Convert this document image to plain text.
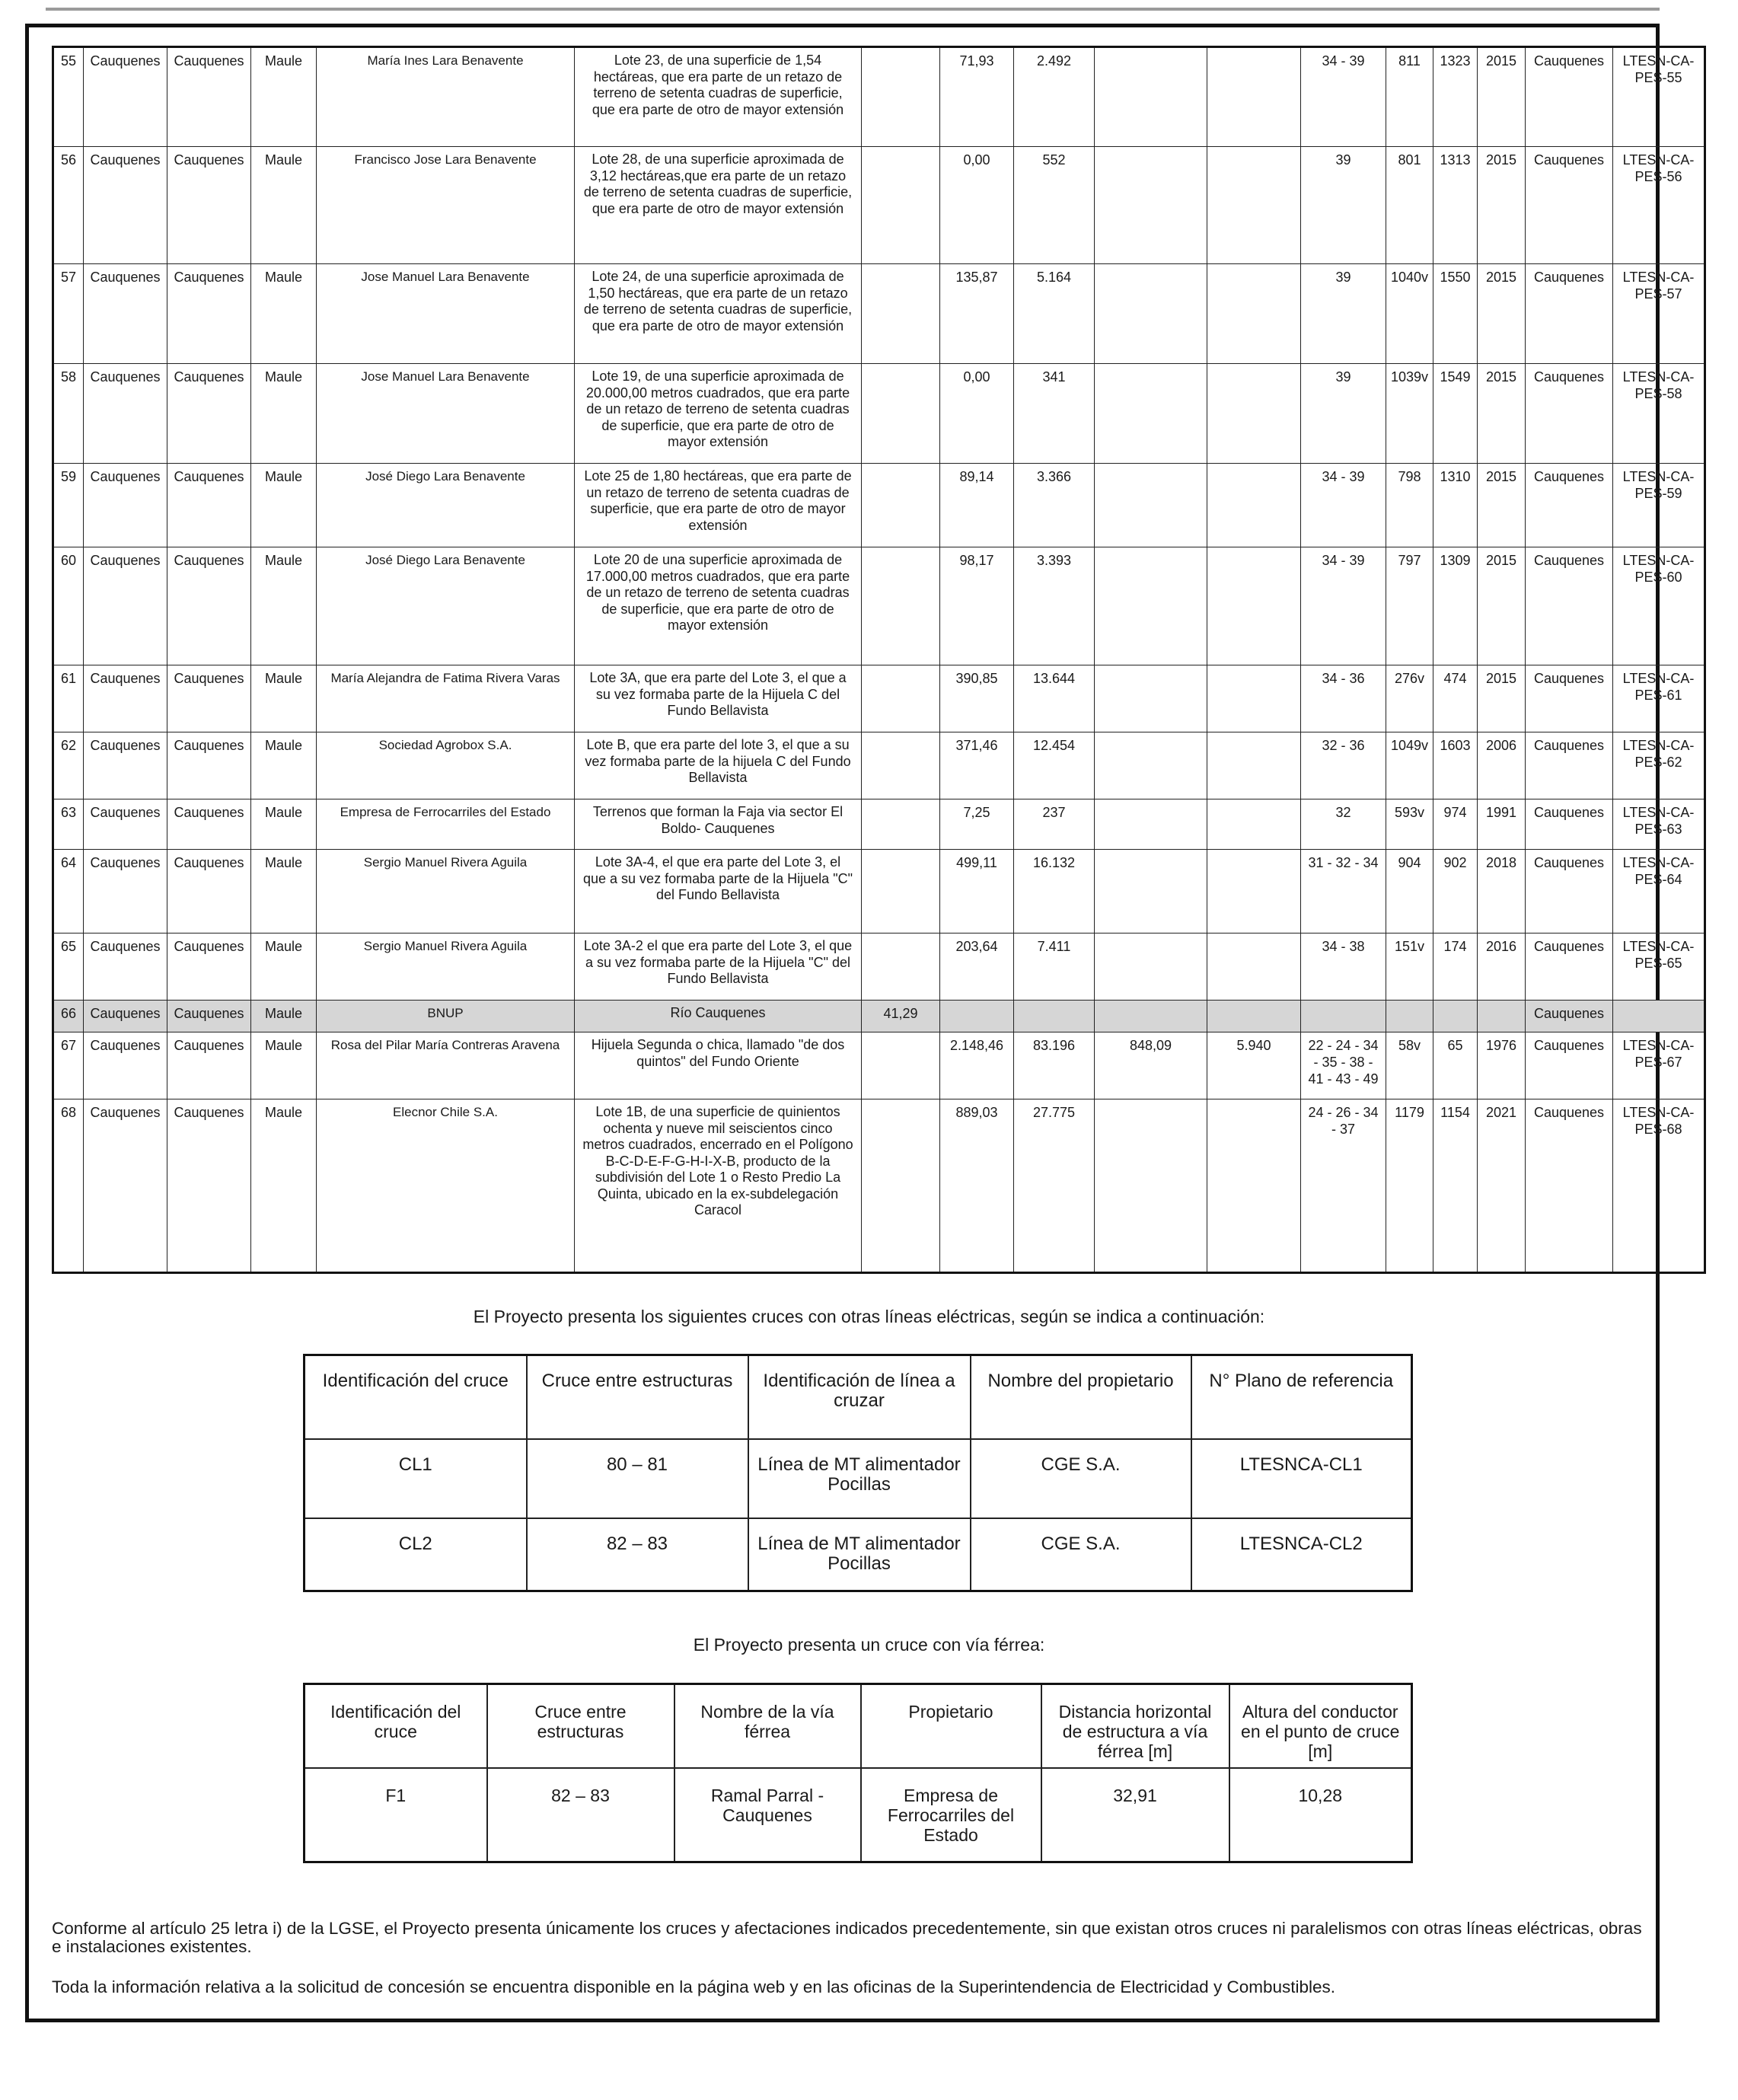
55	Cauquenes	Cauquenes	Maule	María Ines Lara Benavente	Lote 23, de una superficie de 1,54 hectáreas, que era parte de un retazo de terreno de setenta cuadras de superficie, que era parte de otro de mayor extensión		71,93	2.492			34 - 39	811	1323	2015	Cauquenes	LTESN-CA-PES-55
56	Cauquenes	Cauquenes	Maule	Francisco Jose Lara Benavente	Lote 28, de una superficie aproximada de 3,12 hectáreas,que era parte de un retazo de terreno de setenta cuadras de superficie, que era parte de otro de mayor extensión		0,00	552			39	801	1313	2015	Cauquenes	LTESN-CA-PES-56
57	Cauquenes	Cauquenes	Maule	Jose Manuel Lara Benavente	Lote 24, de una superficie aproximada de 1,50 hectáreas, que era parte de un retazo de terreno de setenta cuadras de superficie, que era parte de otro de mayor extensión		135,87	5.164			39	1040v	1550	2015	Cauquenes	LTESN-CA-PES-57
58	Cauquenes	Cauquenes	Maule	Jose Manuel Lara Benavente	Lote 19, de una superficie aproximada de 20.000,00 metros cuadrados, que era parte de un retazo de terreno de setenta cuadras de superficie, que era parte de otro de mayor extensión		0,00	341			39	1039v	1549	2015	Cauquenes	LTESN-CA-PES-58
59	Cauquenes	Cauquenes	Maule	José Diego Lara Benavente	Lote 25 de 1,80 hectáreas, que era parte de un retazo de terreno de setenta cuadras de superficie, que era parte de otro de mayor extensión		89,14	3.366			34 - 39	798	1310	2015	Cauquenes	LTESN-CA-PES-59
60	Cauquenes	Cauquenes	Maule	José Diego Lara Benavente	Lote 20 de una superficie aproximada de 17.000,00 metros cuadrados, que era parte de un retazo de terreno de setenta cuadras de superficie, que era parte de otro de mayor extensión		98,17	3.393			34 - 39	797	1309	2015	Cauquenes	LTESN-CA-PES-60
61	Cauquenes	Cauquenes	Maule	María Alejandra de Fatima Rivera Varas	Lote 3A, que era parte del Lote 3, el que a su vez formaba parte de la Hijuela C del Fundo Bellavista		390,85	13.644			34 - 36	276v	474	2015	Cauquenes	LTESN-CA-PES-61
62	Cauquenes	Cauquenes	Maule	Sociedad Agrobox S.A.	Lote B, que era parte del lote 3, el que a su vez formaba parte de la hijuela C del Fundo Bellavista		371,46	12.454			32 - 36	1049v	1603	2006	Cauquenes	LTESN-CA-PES-62
63	Cauquenes	Cauquenes	Maule	Empresa de Ferrocarriles del Estado	Terrenos que forman la Faja via sector El Boldo- Cauquenes		7,25	237			32	593v	974	1991	Cauquenes	LTESN-CA-PES-63
64	Cauquenes	Cauquenes	Maule	Sergio Manuel Rivera Aguila	Lote 3A-4, el que era parte del Lote 3, el que a su vez formaba parte de la Hijuela "C" del Fundo Bellavista		499,11	16.132			31 - 32 - 34	904	902	2018	Cauquenes	LTESN-CA-PES-64
65	Cauquenes	Cauquenes	Maule	Sergio Manuel Rivera Aguila	Lote 3A-2 el que era parte del Lote 3, el que a su vez formaba parte de la Hijuela "C" del Fundo Bellavista		203,64	7.411			34 - 38	151v	174	2016	Cauquenes	LTESN-CA-PES-65
66	Cauquenes	Cauquenes	Maule	BNUP	Río Cauquenes	41,29									Cauquenes	
67	Cauquenes	Cauquenes	Maule	Rosa del Pilar María Contreras Aravena	Hijuela Segunda o chica, llamado "de dos quintos" del Fundo Oriente		2.148,46	83.196	848,09	5.940	22 - 24 - 34 - 35 - 38 - 41 - 43 - 49	58v	65	1976	Cauquenes	LTESN-CA-PES-67
68	Cauquenes	Cauquenes	Maule	Elecnor Chile S.A.	Lote 1B, de una superficie de quinientos ochenta y nueve mil seiscientos cinco metros cuadrados, encerrado en el Polígono B-C-D-E-F-G-H-I-X-B, producto de la subdivisión del Lote 1 o Resto Predio La Quinta, ubicado en la ex-subdelegación Caracol		889,03	27.775			24 - 26 - 34 - 37	1179	1154	2021	Cauquenes	LTESN-CA-PES-68
El Proyecto presenta los siguientes cruces con otras líneas eléctricas, según se indica a continuación:
Identificación del cruce	Cruce entre estructuras	Identificación de línea a cruzar	Nombre del propietario	N° Plano de referencia
CL1	80 – 81	Línea de MT alimentador Pocillas	CGE S.A.	LTESNCA-CL1
CL2	82 – 83	Línea de MT alimentador Pocillas	CGE S.A.	LTESNCA-CL2
El Proyecto presenta un cruce con vía férrea:
Identificación del cruce	Cruce entre estructuras	Nombre de la vía férrea	Propietario	Distancia horizontal de estructura a vía férrea [m]	Altura del conductor en el punto de cruce [m]
F1	82 – 83	Ramal Parral - Cauquenes	Empresa de Ferrocarriles del Estado	32,91	10,28
Conforme al artículo 25 letra i) de la LGSE, el Proyecto presenta únicamente los cruces y afectaciones indicados precedentemente, sin que existan otros cruces ni paralelismos con otras líneas eléctricas, obras e instalaciones existentes.
Toda la información relativa a la solicitud de concesión se encuentra disponible en la página web y en las oficinas de la Superintendencia de Electricidad y Combustibles.
